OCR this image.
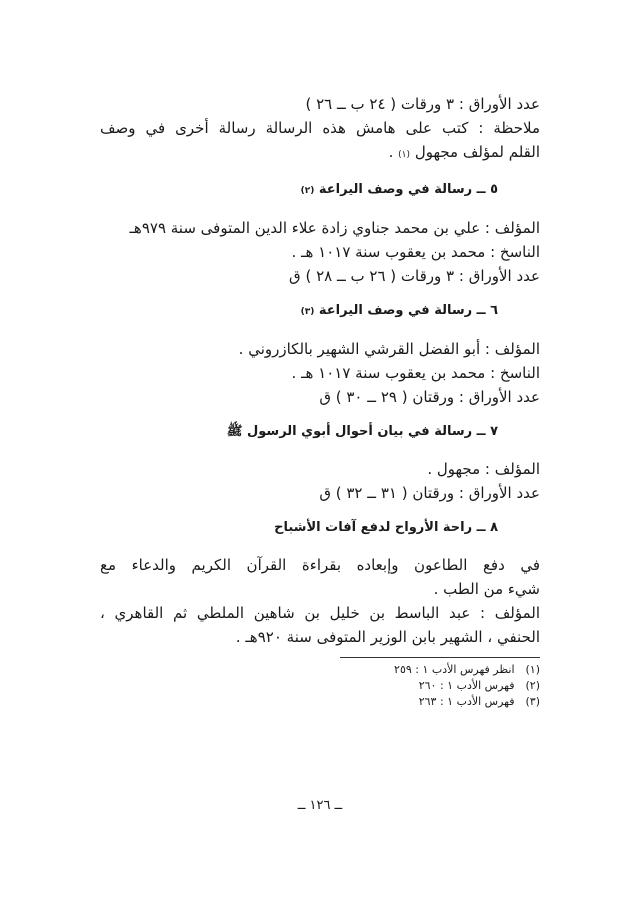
عدد الأوراق : ٣ ورقات ( ٢٤ ب ــ ٢٦ )
ملاحظة : كتب على هامش هذه الرسالة رسالة أخرى في وصف
القلم لمؤلف مجهول (١) .
٥ ــ رسالة في وصف اليراعة (٢)
المؤلف : علي بن محمد جناوي زادة علاء الدين المتوفى سنة ٩٧٩هـ
الناسخ : محمد بن يعقوب سنة ١٠١٧ هـ .
عدد الأوراق : ٣ ورقات ( ٢٦ ب ــ ٢٨ ) ق
٦ ــ رسالة في وصف اليراعة (٣)
المؤلف : أبو الفضل القرشي الشهير بالكازروني .
الناسخ : محمد بن يعقوب سنة ١٠١٧ هـ .
عدد الأوراق : ورقتان ( ٢٩ ــ ٣٠ ) ق
٧ ــ رسالة في بيان أحوال أبوي الرسول ﷺ
المؤلف : مجهول .
عدد الأوراق : ورقتان ( ٣١ ــ ٣٢ ) ق
٨ ــ راحة الأرواح لدفع آفات الأشباح
في دفع الطاعون وإبعاده بقراءة القرآن الكريم والدعاء مع
شيء من الطب .
المؤلف : عبد الباسط بن خليل بن شاهين الملطي ثم القاهري ،
الحنفي ، الشهير بابن الوزير المتوفى سنة ٩٢٠هـ .
(١) انظر فهرس الأدب ١ : ٢٥٩
(٢) فهرس الأدب ١ : ٢٦٠
(٣) فهرس الأدب ١ : ٢٦٣
ــ ١٢٦ ــ
